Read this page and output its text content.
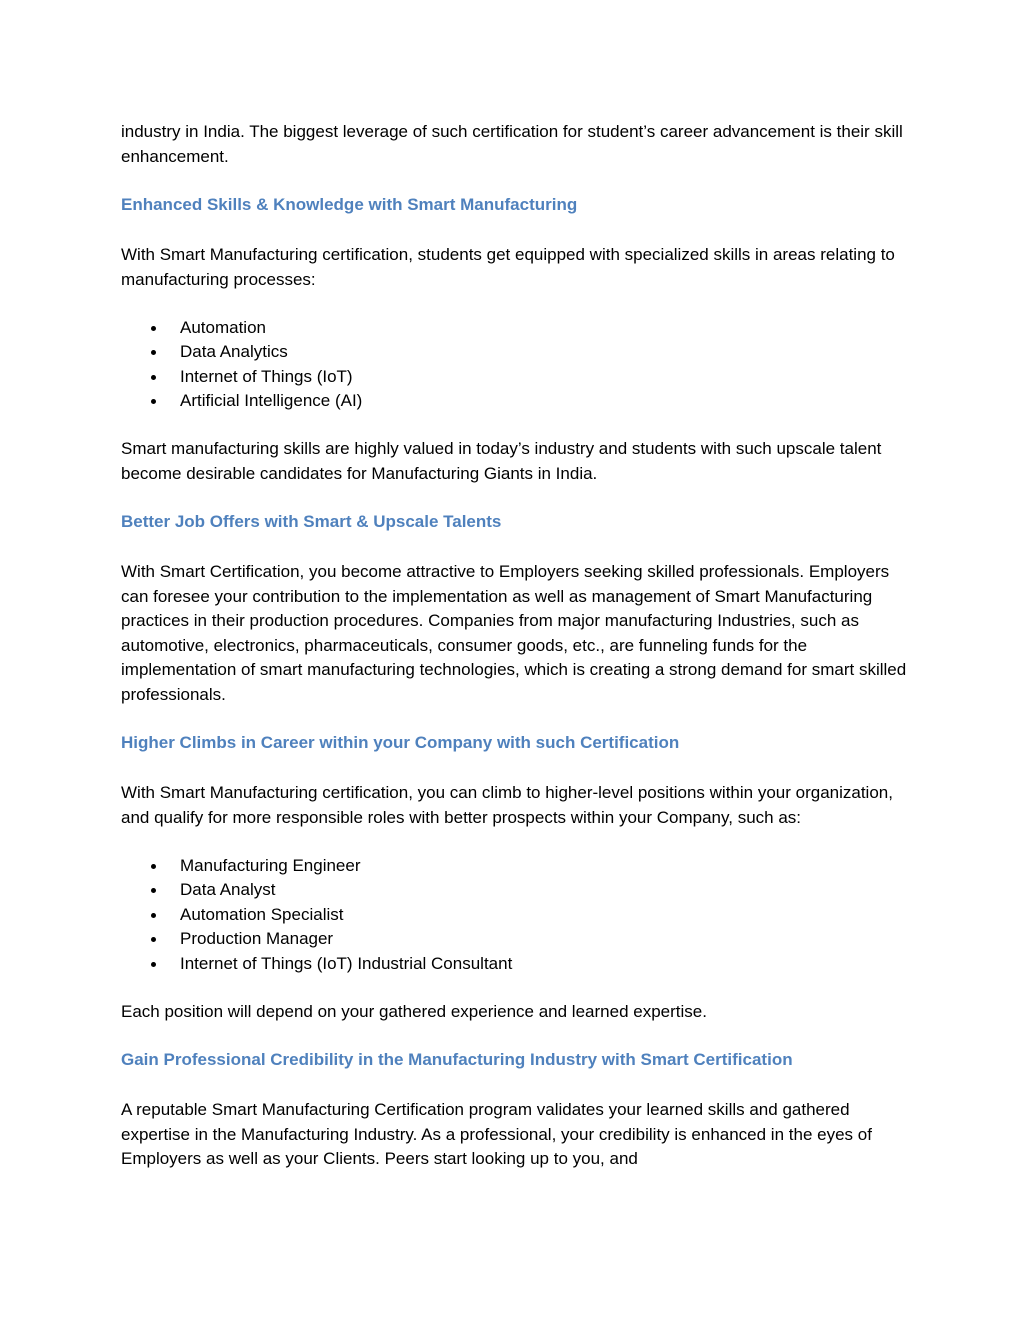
industry in India. The biggest leverage of such certification for student’s career advancement is their skill enhancement.

Enhanced Skills & Knowledge with Smart Manufacturing

With Smart Manufacturing certification, students get equipped with specialized skills in areas relating to manufacturing processes:

Automation
Data Analytics
Internet of Things (IoT)
Artificial Intelligence (AI)

Smart manufacturing skills are highly valued in today’s industry and students with such upscale talent become desirable candidates for Manufacturing Giants in India.

Better Job Offers with Smart & Upscale Talents

With Smart Certification, you become attractive to Employers seeking skilled professionals. Employers can foresee your contribution to the implementation as well as management of Smart Manufacturing practices in their production procedures. Companies from major manufacturing Industries, such as automotive, electronics, pharmaceuticals, consumer goods, etc., are funneling funds for the implementation of smart manufacturing technologies, which is creating a strong demand for smart skilled professionals.

Higher Climbs in Career within your Company with such Certification

With Smart Manufacturing certification, you can climb to higher-level positions within your organization, and qualify for more responsible roles with better prospects within your Company, such as:

Manufacturing Engineer
Data Analyst
Automation Specialist
Production Manager
Internet of Things (IoT) Industrial Consultant

Each position will depend on your gathered experience and learned expertise.

Gain Professional Credibility in the Manufacturing Industry with Smart Certification

A reputable Smart Manufacturing Certification program validates your learned skills and gathered expertise in the Manufacturing Industry. As a professional, your credibility is enhanced in the eyes of Employers as well as your Clients. Peers start looking up to you, and
